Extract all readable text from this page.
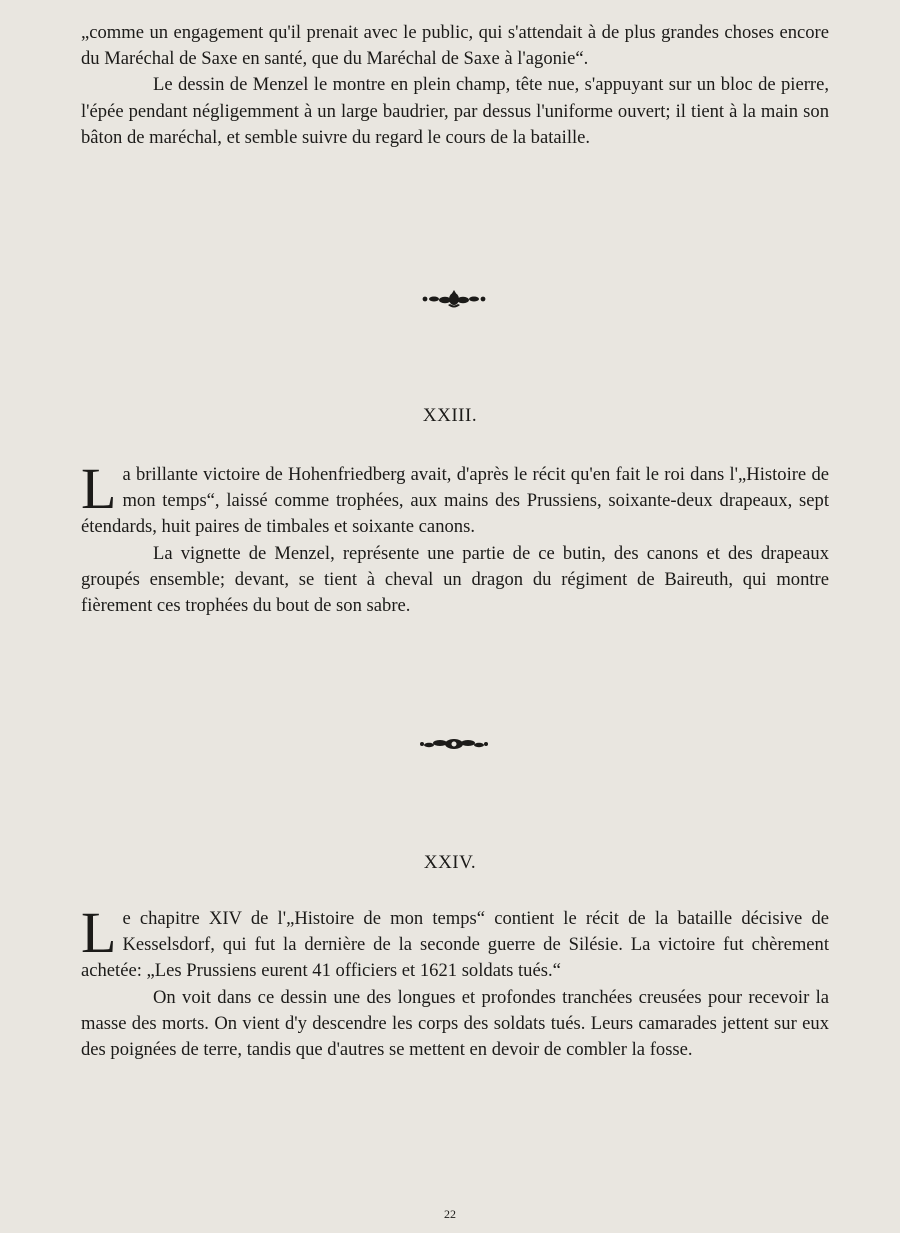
„comme un engagement qu'il prenait avec le public, qui s'attendait à de plus grandes choses encore du Maréchal de Saxe en santé, que du Maréchal de Saxe à l'agonie“.

Le dessin de Menzel le montre en plein champ, tête nue, s'appuyant sur un bloc de pierre, l'épée pendant négligemment à un large baudrier, par dessus l'uniforme ouvert; il tient à la main son bâton de maréchal, et semble suivre du regard le cours de la bataille.

XXIII.

La brillante victoire de Hohenfriedberg avait, d'après le récit qu'en fait le roi dans l'„Histoire de mon temps“, laissé comme trophées, aux mains des Prussiens, soixante-deux drapeaux, sept étendards, huit paires de timbales et soixante canons.

La vignette de Menzel, représente une partie de ce butin, des canons et des drapeaux groupés ensemble; devant, se tient à cheval un dragon du régiment de Baireuth, qui montre fièrement ces trophées du bout de son sabre.

XXIV.

Le chapitre XIV de l'„Histoire de mon temps“ contient le récit de la bataille décisive de Kesselsdorf, qui fut la dernière de la seconde guerre de Silésie. La victoire fut chèrement achetée: „Les Prussiens eurent 41 officiers et 1621 soldats tués.“

On voit dans ce dessin une des longues et profondes tranchées creusées pour recevoir la masse des morts. On vient d'y descendre les corps des soldats tués. Leurs camarades jettent sur eux des poignées de terre, tandis que d'autres se mettent en devoir de combler la fosse.

22
